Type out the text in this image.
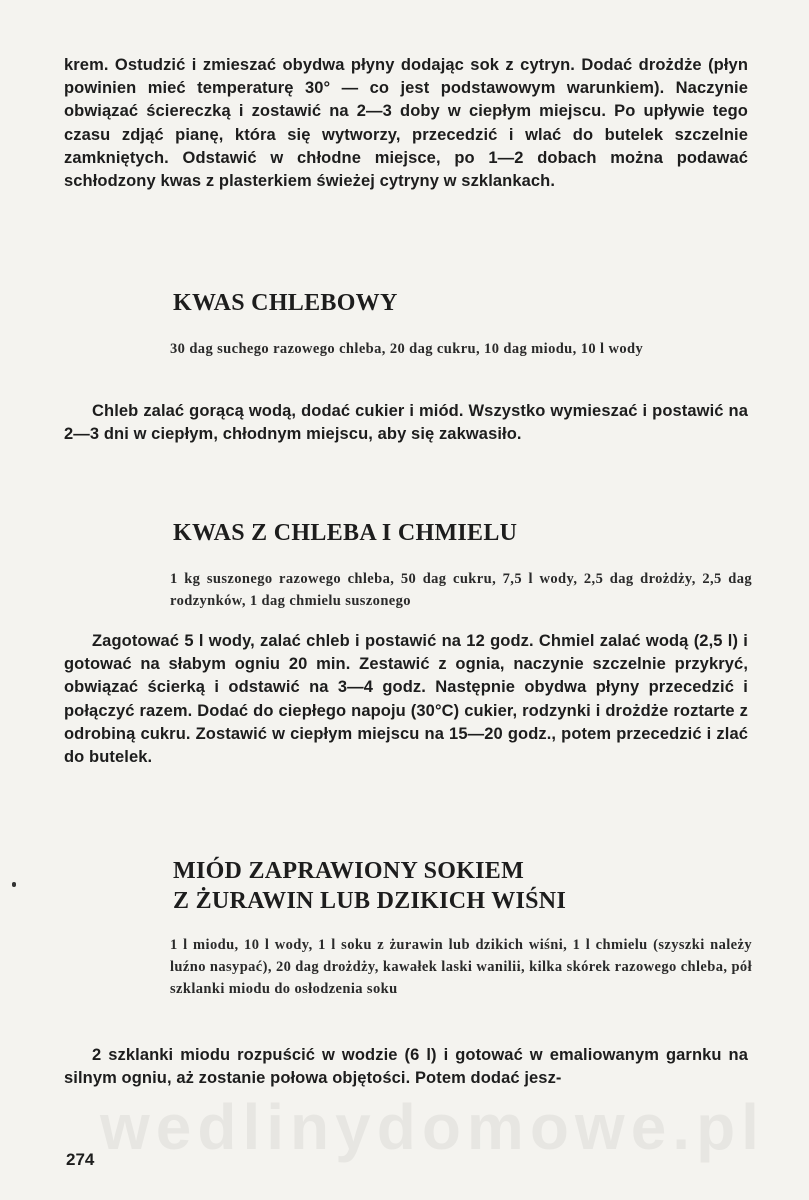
krem. Ostudzić i zmieszać obydwa płyny dodając sok z cytryn. Dodać drożdże (płyn powinien mieć temperaturę 30° — co jest podstawowym warunkiem). Naczynie obwiązać ściereczką i zostawić na 2—3 doby w ciepłym miejscu. Po upływie tego czasu zdjąć pianę, która się wytworzy, przecedzić i wlać do butelek szczelnie zamkniętych. Odstawić w chłodne miejsce, po 1—2 dobach można podawać schłodzony kwas z plasterkiem świeżej cytryny w szklankach.

KWAS CHLEBOWY

30 dag suchego razowego chleba, 20 dag cukru, 10 dag miodu, 10 l wody

Chleb zalać gorącą wodą, dodać cukier i miód. Wszystko wymieszać i postawić na 2—3 dni w ciepłym, chłodnym miejscu, aby się zakwasiło.

KWAS Z CHLEBA I CHMIELU

1 kg suszonego razowego chleba, 50 dag cukru, 7,5 l wody, 2,5 dag drożdży, 2,5 dag rodzynków, 1 dag chmielu suszonego

Zagotować 5 l wody, zalać chleb i postawić na 12 godz. Chmiel zalać wodą (2,5 l) i gotować na słabym ogniu 20 min. Zestawić z ognia, naczynie szczelnie przykryć, obwiązać ścierką i odstawić na 3—4 godz. Następnie obydwa płyny przecedzić i połączyć razem. Dodać do ciepłego napoju (30°C) cukier, rodzynki i drożdże roztarte z odrobiną cukru. Zostawić w ciepłym miejscu na 15—20 godz., potem przecedzić i zlać do butelek.

MIÓD ZAPRAWIONY SOKIEM
Z ŻURAWIN LUB DZIKICH WIŚNI

1 l miodu, 10 l wody, 1 l soku z żurawin lub dzikich wiśni, 1 l chmielu (szyszki należy luźno nasypać), 20 dag drożdży, kawałek laski wanilii, kilka skórek razowego chleba, pół szklanki miodu do osłodzenia soku

2 szklanki miodu rozpuścić w wodzie (6 l) i gotować w emaliowanym garnku na silnym ogniu, aż zostanie połowa objętości. Potem dodać jesz-

wedlinydomowe.pl
274
